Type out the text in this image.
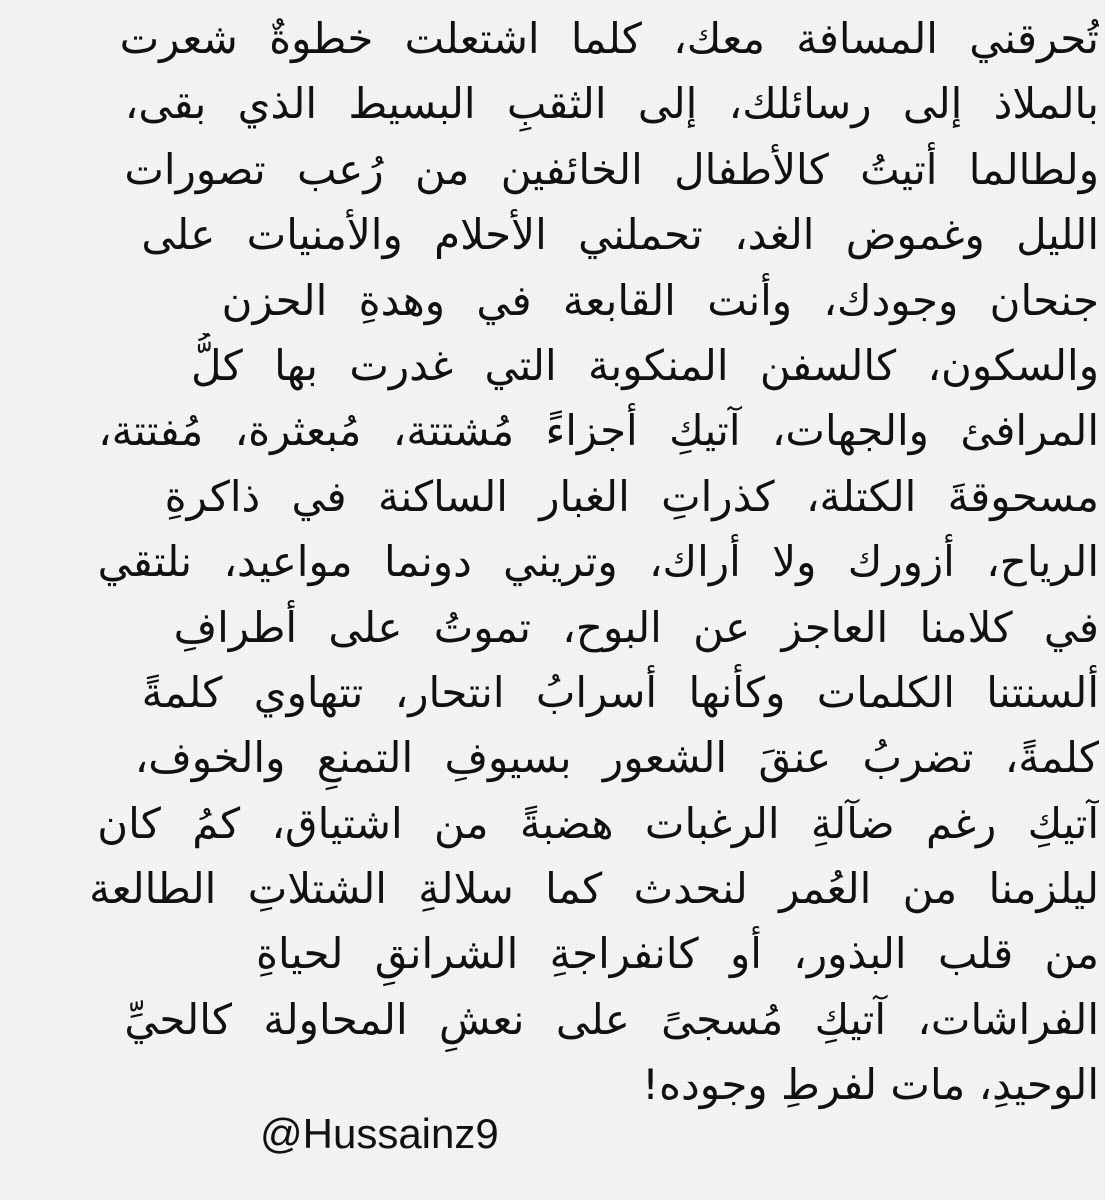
تُحرقني المسافة معك، كلما اشتعلت خطوةٌ شعرت
بالملاذ إلى رسائلك، إلى الثقبِ البسيط الذي بقى،
ولطالما أتيتُ كالأطفال الخائفين من رُعب تصورات
الليل وغموض الغد، تحملني الأحلام والأمنيات على
جنحان وجودك، وأنت القابعة في وهدةِ الحزن
والسكون، كالسفن المنكوبة التي غدرت بها كلُّ
المرافئ والجهات، آتيكِ أجزاءً مُشتتة، مُبعثرة، مُفتتة،
مسحوقةَ الكتلة، كذراتِ الغبار الساكنة في ذاكرةِ
الرياح، أزورك ولا أراك، وتريني دونما مواعيد، نلتقي
في كلامنا العاجز عن البوح، تموتُ على أطرافِ
ألسنتنا الكلمات وكأنها أسرابُ انتحار، تتهاوي كلمةً
كلمةً، تضربُ عنقَ الشعور بسيوفِ التمنعِ والخوف،
آتيكِ رغم ضآلةِ الرغبات هضبةً من اشتياق، كمُ كان
ليلزمنا من العُمر لنحدث كما سلالةِ الشتلاتِ الطالعة
من قلب البذور، أو كانفراجةِ الشرانقِ لحياةِ
الفراشات، آتيكِ مُسجىً على نعشِ المحاولة كالحيِّ
الوحيدِ، مات لفرطِ وجوده!
@Hussainz9
